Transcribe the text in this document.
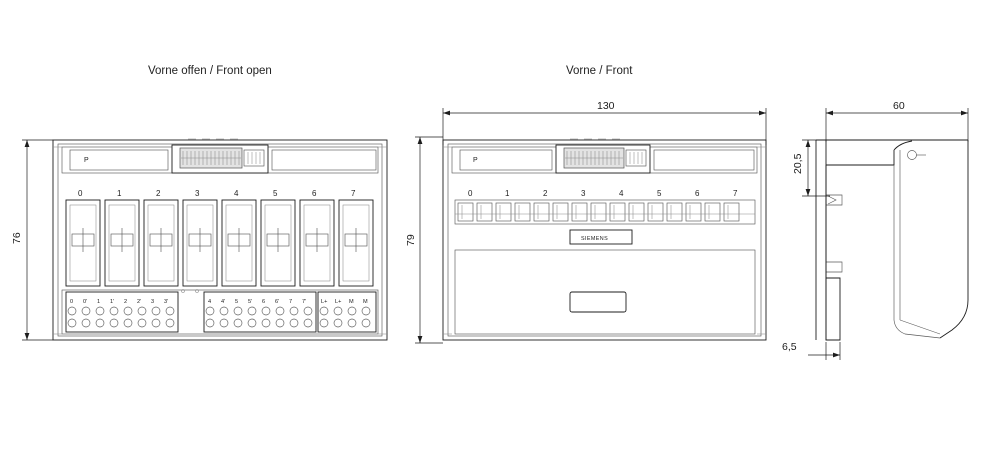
Vorne offen / Front open	Vorne / Front
P
0	1	2	3	4	5	6	7
0 0' 1 1' 2 2' 3 3'	4 4' 5 5' 6 6' 7 7'	L+ L+ M M
76
P
0	1	2	3	4	5	6	7
SIEMENS
130
79
60
20,5
6,5
